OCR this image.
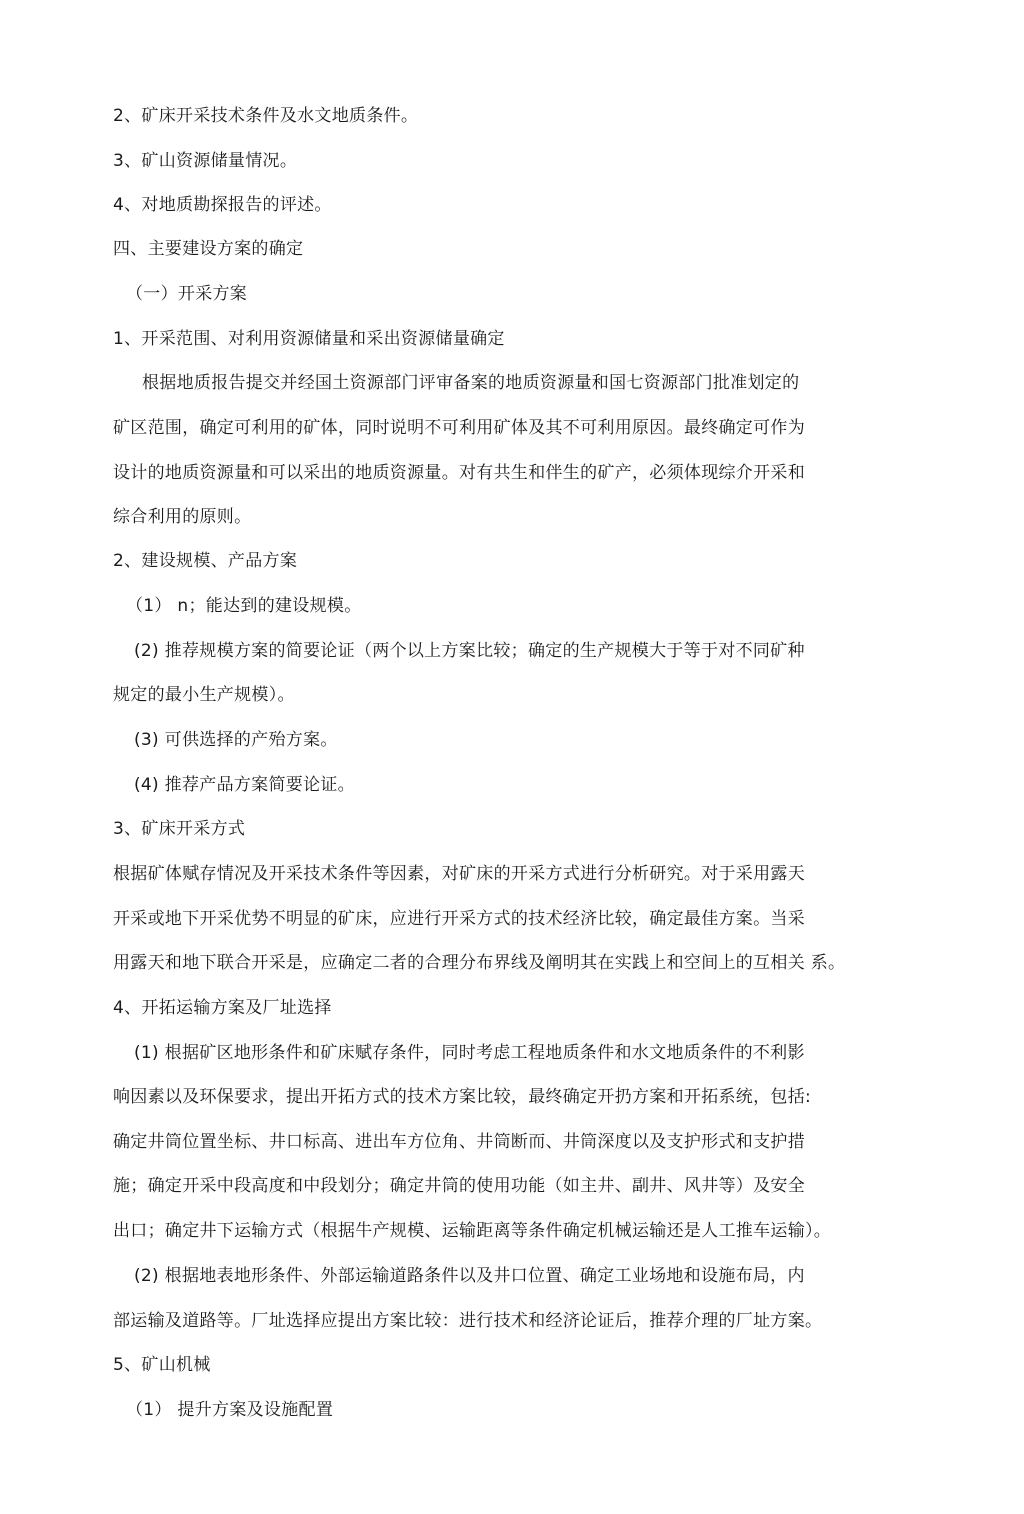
2、矿床开采技术条件及水文地质条件。
3、矿山资源储量情况。
4、对地质勘探报告的评述。
四、主要建设方案的确定
（一）开采方案
1、开采范围、对利用资源储量和采出资源储量确定
根据地质报告提交并经国土资源部门评审备案的地质资源量和国七资源部门批准划定的
矿区范围，确定可利用的矿体，同时说明不可利用矿体及其不可利用原因。最终确定可作为
设计的地质资源量和可以采出的地质资源量。对有共生和伴生的矿产，必须体现综介开采和
综合利用的原则。
2、建设规模、产品方案
（1） n；能达到的建设规模。
(2) 推荐规模方案的简要论证（两个以上方案比较；确定的生产规模大于等于对不同矿种
规定的最小生产规模）。
(3) 可供选择的产殆方案。
(4) 推荐产品方案简要论证。
3、矿床开采方式
根据矿体赋存情况及开采技术条件等因素，对矿床的开采方式进行分析研究。对于采用露天
开采或地下开采优势不明显的矿床，应进行开采方式的技术经济比较，确定最佳方案。当采
用露天和地下联合开采是，应确定二者的合理分布界线及阐明其在实践上和空间上的互相关 系。
4、开拓运输方案及厂址选择
(1) 根据矿区地形条件和矿床赋存条件，同时考虑工程地质条件和水文地质条件的不利影
响因素以及环保要求，提出开拓方式的技术方案比较，最终确定开扔方案和开拓系统，包括:
确定井筒位置坐标、井口标高、进出车方位角、井筒断而、井筒深度以及支护形式和支护措
施；确定开采中段高度和中段划分；确定井筒的使用功能（如主井、副井、风井等）及安全
出口；确定井下运输方式（根据牛产规模、运输距离等条件确定机械运输还是人工推车运输）。
(2) 根据地表地形条件、外部运输道路条件以及井口位置、确定工业场地和设施布局，内
部运输及道路等。厂址选择应提出方案比较：进行技术和经济论证后，推荐介理的厂址方案。
5、矿山机械
（1） 提升方案及设施配置
